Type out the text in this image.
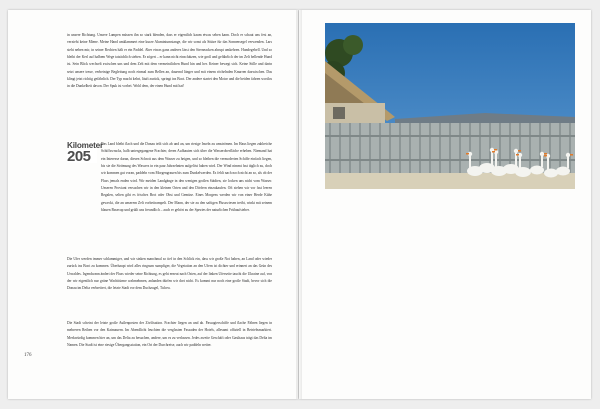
in unsere Richtung. Unsere Lampen müssen ihn so stark blenden, dass er eigentlich kaum etwas sehen kann. Doch er schaut uns fest an, verzieht keine Miene. Meine Hand umklammert eine kurze Aluminiumstange, die wir sonst als Stütze für das Sonnensegel verwenden. Lars steht neben mir, in seiner Rechten hält er ein Paddel. Aber etwas ganz anderes lässt den Sterneacken abrupt umkehren. Hundegebell. Und so bleibt der Kerl auf halbem Wege tatsächlich stehen. Er zögert – er kann nicht einschätzen, wie groß und gefährlich der im Zelt bellende Hund ist. Sein Blick wechselt zwischen uns und dem Zelt mit dem vermeintlichen Hund hin und her. Keiner bewegt sich. Keine Stille und darin setzt unsere treue, verbeinige Begleitung noch einmal zum Bellen an, dauernd länger und mit einem röchelnden Knurren dazwischen. Das klingt jetzt richtig gefährlich. Der Typ macht kehrt, läuft zurück, springt ins Boot. Der andere startet den Motor und die beiden fahren wortlos in die Dunkelheit davon. Der Spuk ist vorbei. Wohl dem, der einen Hund mit hat!

Kilometer
205

Das Land bleibt flach und die Donau teilt sich ab und an, um riesige Inseln zu umströmen. Im Haus liegen zahlreiche Schiffswracks, halb untergegangene Frachter, deren Aufbauten sich über die Wasseroberfläche erheben. Niemand hat ein Interesse daran, diesen Schrott aus dem Wasser zu heigen, und so bleiben die vermoderten Schiffe einfach liegen, bis sie die Strömung des Wassers in ein paar Jahrzehnten aufgelöst haben wird. Der Wind nimmt fast täglich zu, doch wir kommen gut voran, paddeln vom Morgengrauen bis zum Dunkelwerden. Es fehlt nach noch nicht an so, als ob der Fluss jemals enden wird. Wir meiden Landgänge in den wenigen großen Städten, sie locken uns nicht vom Wasser. Unseren Proviant versuchen wir in den kleinen Orten und den Dörfern einzukaufen. Oft stehen wir vor fast leeren Regalen, selten gibt es frisches Brot oder Obst und Gemüse. Eines Morgens werden wir von einer Herde Kühe geweckt, die an unserem Zelt vorbeitrampelt. Der Mann, der sie zu den saftigen Flusswiesen treibt, winkt mit seinem blauen Basecap und grüßt uns freundlich – auch er gehört zu der Spezies der naturlichen Frühaufsteher.

Die Ufer werden immer schlammiger, und wir sinken manchmal so tief in den Schlick ein, dass wir große Not haben, an Land oder wieder zurück ins Boot zu kommen. Überhaupt wird alles ringsum sumpfiger, die Vegetation an den Ufern ist dichter und erinnert an das Grün des Urwaldes. Irgendwann ändert der Fluss wieder seine Richtung, es geht erneut nach Osten, auf der linken Uferseite taucht die Ukraine auf, von der wir eigentlich nur grüne Wachttürme wahrnehmen, anlanden dürfen wir dort nicht. Es kommt nur noch eine große Stadt, bevor sich die Donau im Delta verbreitert, die letzte Stadt vor dem Duchzugel, Tulcea.

Die Stadt scheint der letzte große Außenposten der Zivilisation. Frachter liegen an und ab. Passagierschiffe und flache Fähren liegen in mehreren Reihen vor den Kaimauern. Im Abendlicht leuchten die verglasten Fassaden der Hotels, allesamt offiziell in Betriebsmarkiert. Merkwürdig kommen hier an, um das Delta zu besuchen, andere, um es zu verlassen. Jedes zweite Geschäft oder Gasthaus trägt das Delta im Namen. Die Stadt ist eine riesige Übergangsstation, ein Ort der Durchreise, auch wir paddeln weiter.

176
